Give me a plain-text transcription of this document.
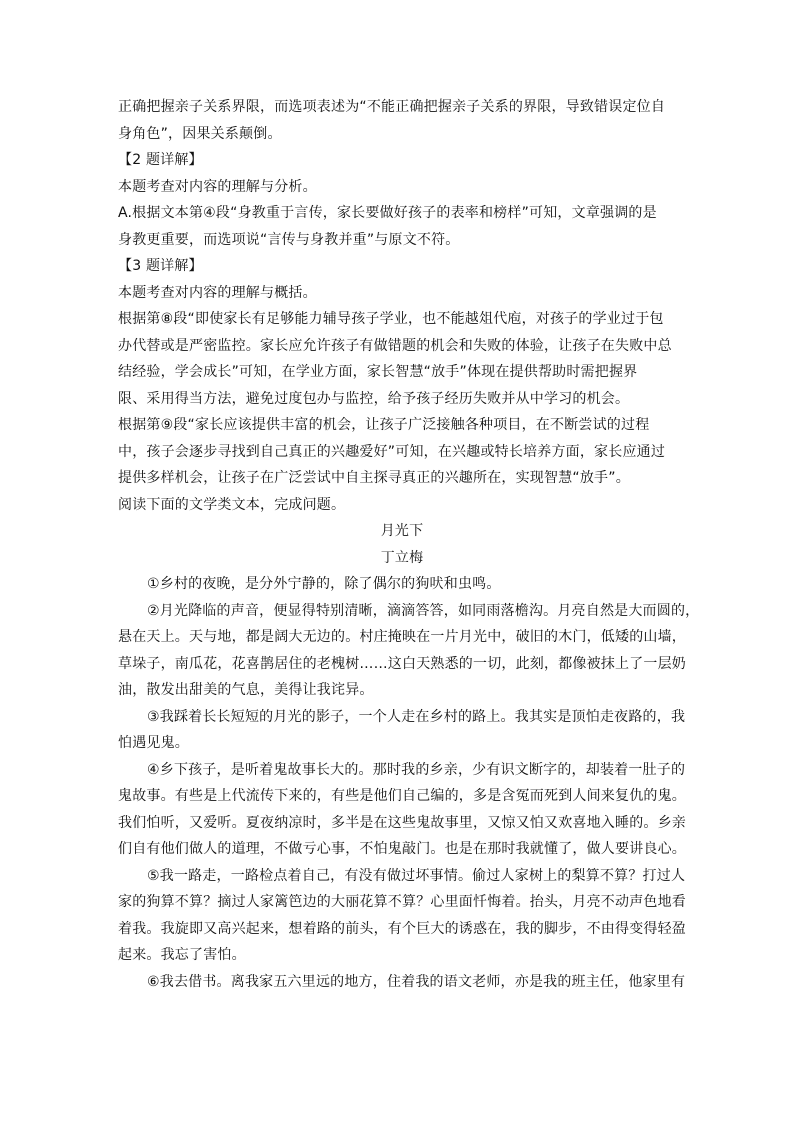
正确把握亲子关系界限，而选项表述为“不能正确把握亲子关系的界限，导致错误定位自
身角色”，因果关系颠倒。
【2 题详解】
本题考查对内容的理解与分析。
A.根据文本第④段“身教重于言传，家长要做好孩子的表率和榜样”可知，文章强调的是
身教更重要，而选项说“言传与身教并重”与原文不符。
【3 题详解】
本题考查对内容的理解与概括。
根据第⑧段“即使家长有足够能力辅导孩子学业，也不能越俎代庖，对孩子的学业过于包
办代替或是严密监控。家长应允许孩子有做错题的机会和失败的体验，让孩子在失败中总
结经验，学会成长”可知，在学业方面，家长智慧“放手”体现在提供帮助时需把握界
限、采用得当方法，避免过度包办与监控，给予孩子经历失败并从中学习的机会。
根据第⑨段“家长应该提供丰富的机会，让孩子广泛接触各种项目，在不断尝试的过程
中，孩子会逐步寻找到自己真正的兴趣爱好”可知，在兴趣或特长培养方面，家长应通过
提供多样机会，让孩子在广泛尝试中自主探寻真正的兴趣所在，实现智慧“放手”。
阅读下面的文学类文本，完成问题。
月光下
丁立梅
①乡村的夜晚，是分外宁静的，除了偶尔的狗吠和虫鸣。
②月光降临的声音，便显得特别清晰，滴滴答答，如同雨落檐沟。月亮自然是大而圆的，
悬在天上。天与地，都是阔大无边的。村庄掩映在一片月光中，破旧的木门，低矮的山墙，
草垛子，南瓜花，花喜鹊居住的老槐树……这白天熟悉的一切，此刻，都像被抹上了一层奶
油，散发出甜美的气息，美得让我诧异。
③我踩着长长短短的月光的影子，一个人走在乡村的路上。我其实是顶怕走夜路的，我
怕遇见鬼。
④乡下孩子，是听着鬼故事长大的。那时我的乡亲，少有识文断字的，却装着一肚子的
鬼故事。有些是上代流传下来的，有些是他们自己编的，多是含冤而死到人间来复仇的鬼。
我们怕听，又爱听。夏夜纳凉时，多半是在这些鬼故事里，又惊又怕又欢喜地入睡的。乡亲
们自有他们做人的道理，不做亏心事，不怕鬼敲门。也是在那时我就懂了，做人要讲良心。
⑤我一路走，一路检点着自己，有没有做过坏事情。偷过人家树上的梨算不算？打过人
家的狗算不算？摘过人家篱笆边的大丽花算不算？心里面忏悔着。抬头，月亮不动声色地看
着我。我旋即又高兴起来，想着路的前头，有个巨大的诱惑在，我的脚步，不由得变得轻盈
起来。我忘了害怕。
⑥我去借书。离我家五六里远的地方，住着我的语文老师，亦是我的班主任，他家里有
